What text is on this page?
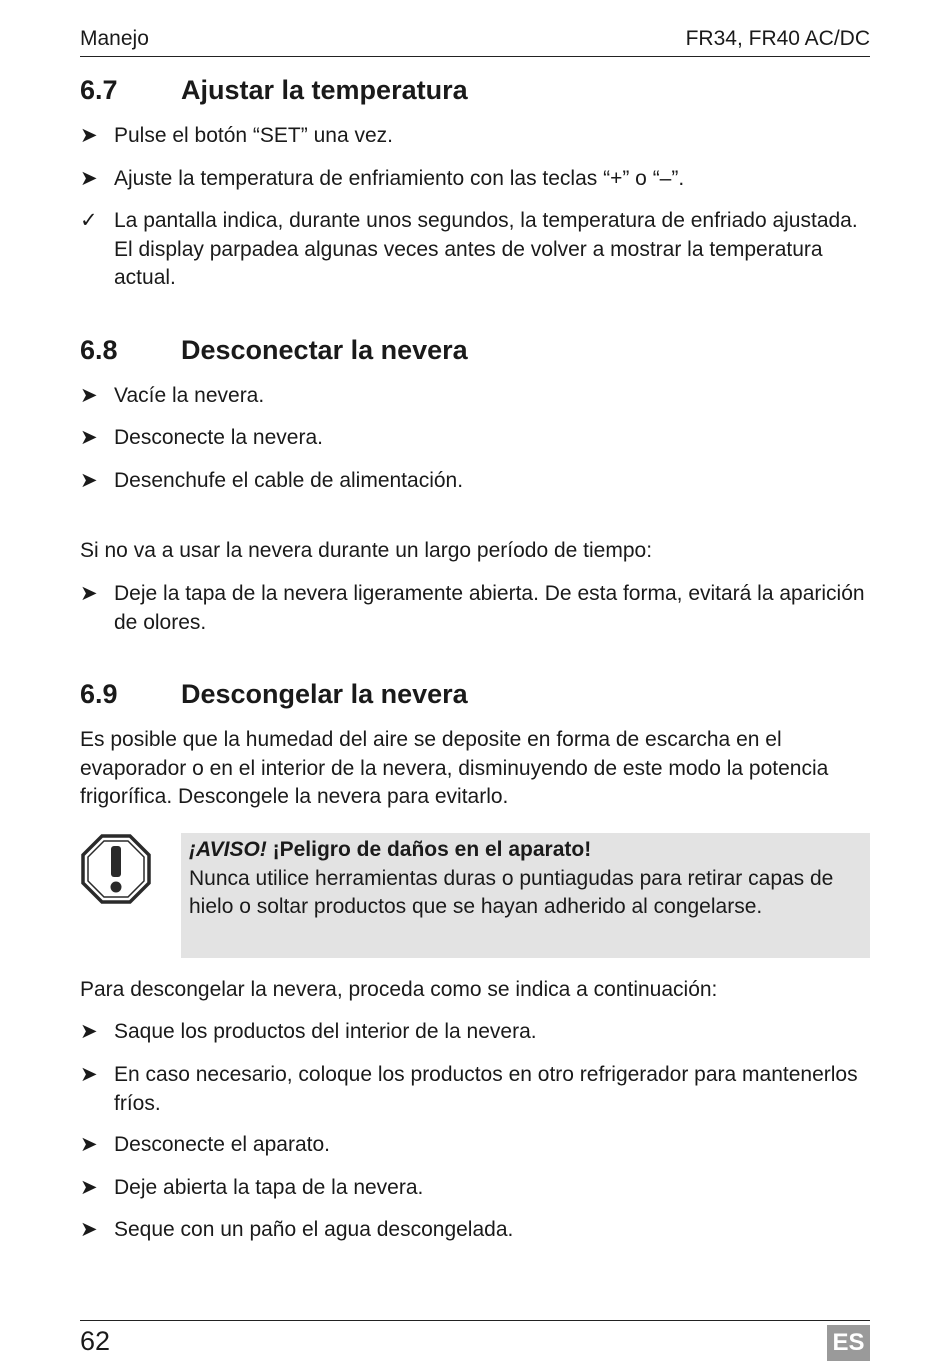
Manejo	FR34, FR40 AC/DC
6.7 Ajustar la temperatura
➤ Pulse el botón “SET” una vez.
➤ Ajuste la temperatura de enfriamiento con las teclas “+” o “–”.
✓ La pantalla indica, durante unos segundos, la temperatura de enfriado ajustada. El display parpadea algunas veces antes de volver a mostrar la temperatura actual.
6.8 Desconectar la nevera
➤ Vacíe la nevera.
➤ Desconecte la nevera.
➤ Desenchufe el cable de alimentación.
Si no va a usar la nevera durante un largo período de tiempo:
➤ Deje la tapa de la nevera ligeramente abierta. De esta forma, evitará la aparición de olores.
6.9 Descongelar la nevera
Es posible que la humedad del aire se deposite en forma de escarcha en el evaporador o en el interior de la nevera, disminuyendo de este modo la potencia frigorífica. Descongele la nevera para evitarlo.
¡AVISO! ¡Peligro de daños en el aparato!
Nunca utilice herramientas duras o puntiagudas para retirar capas de hielo o soltar productos que se hayan adherido al congelarse.
Para descongelar la nevera, proceda como se indica a continuación:
➤ Saque los productos del interior de la nevera.
➤ En caso necesario, coloque los productos en otro refrigerador para mantenerlos fríos.
➤ Desconecte el aparato.
➤ Deje abierta la tapa de la nevera.
➤ Seque con un paño el agua descongelada.
62	ES
